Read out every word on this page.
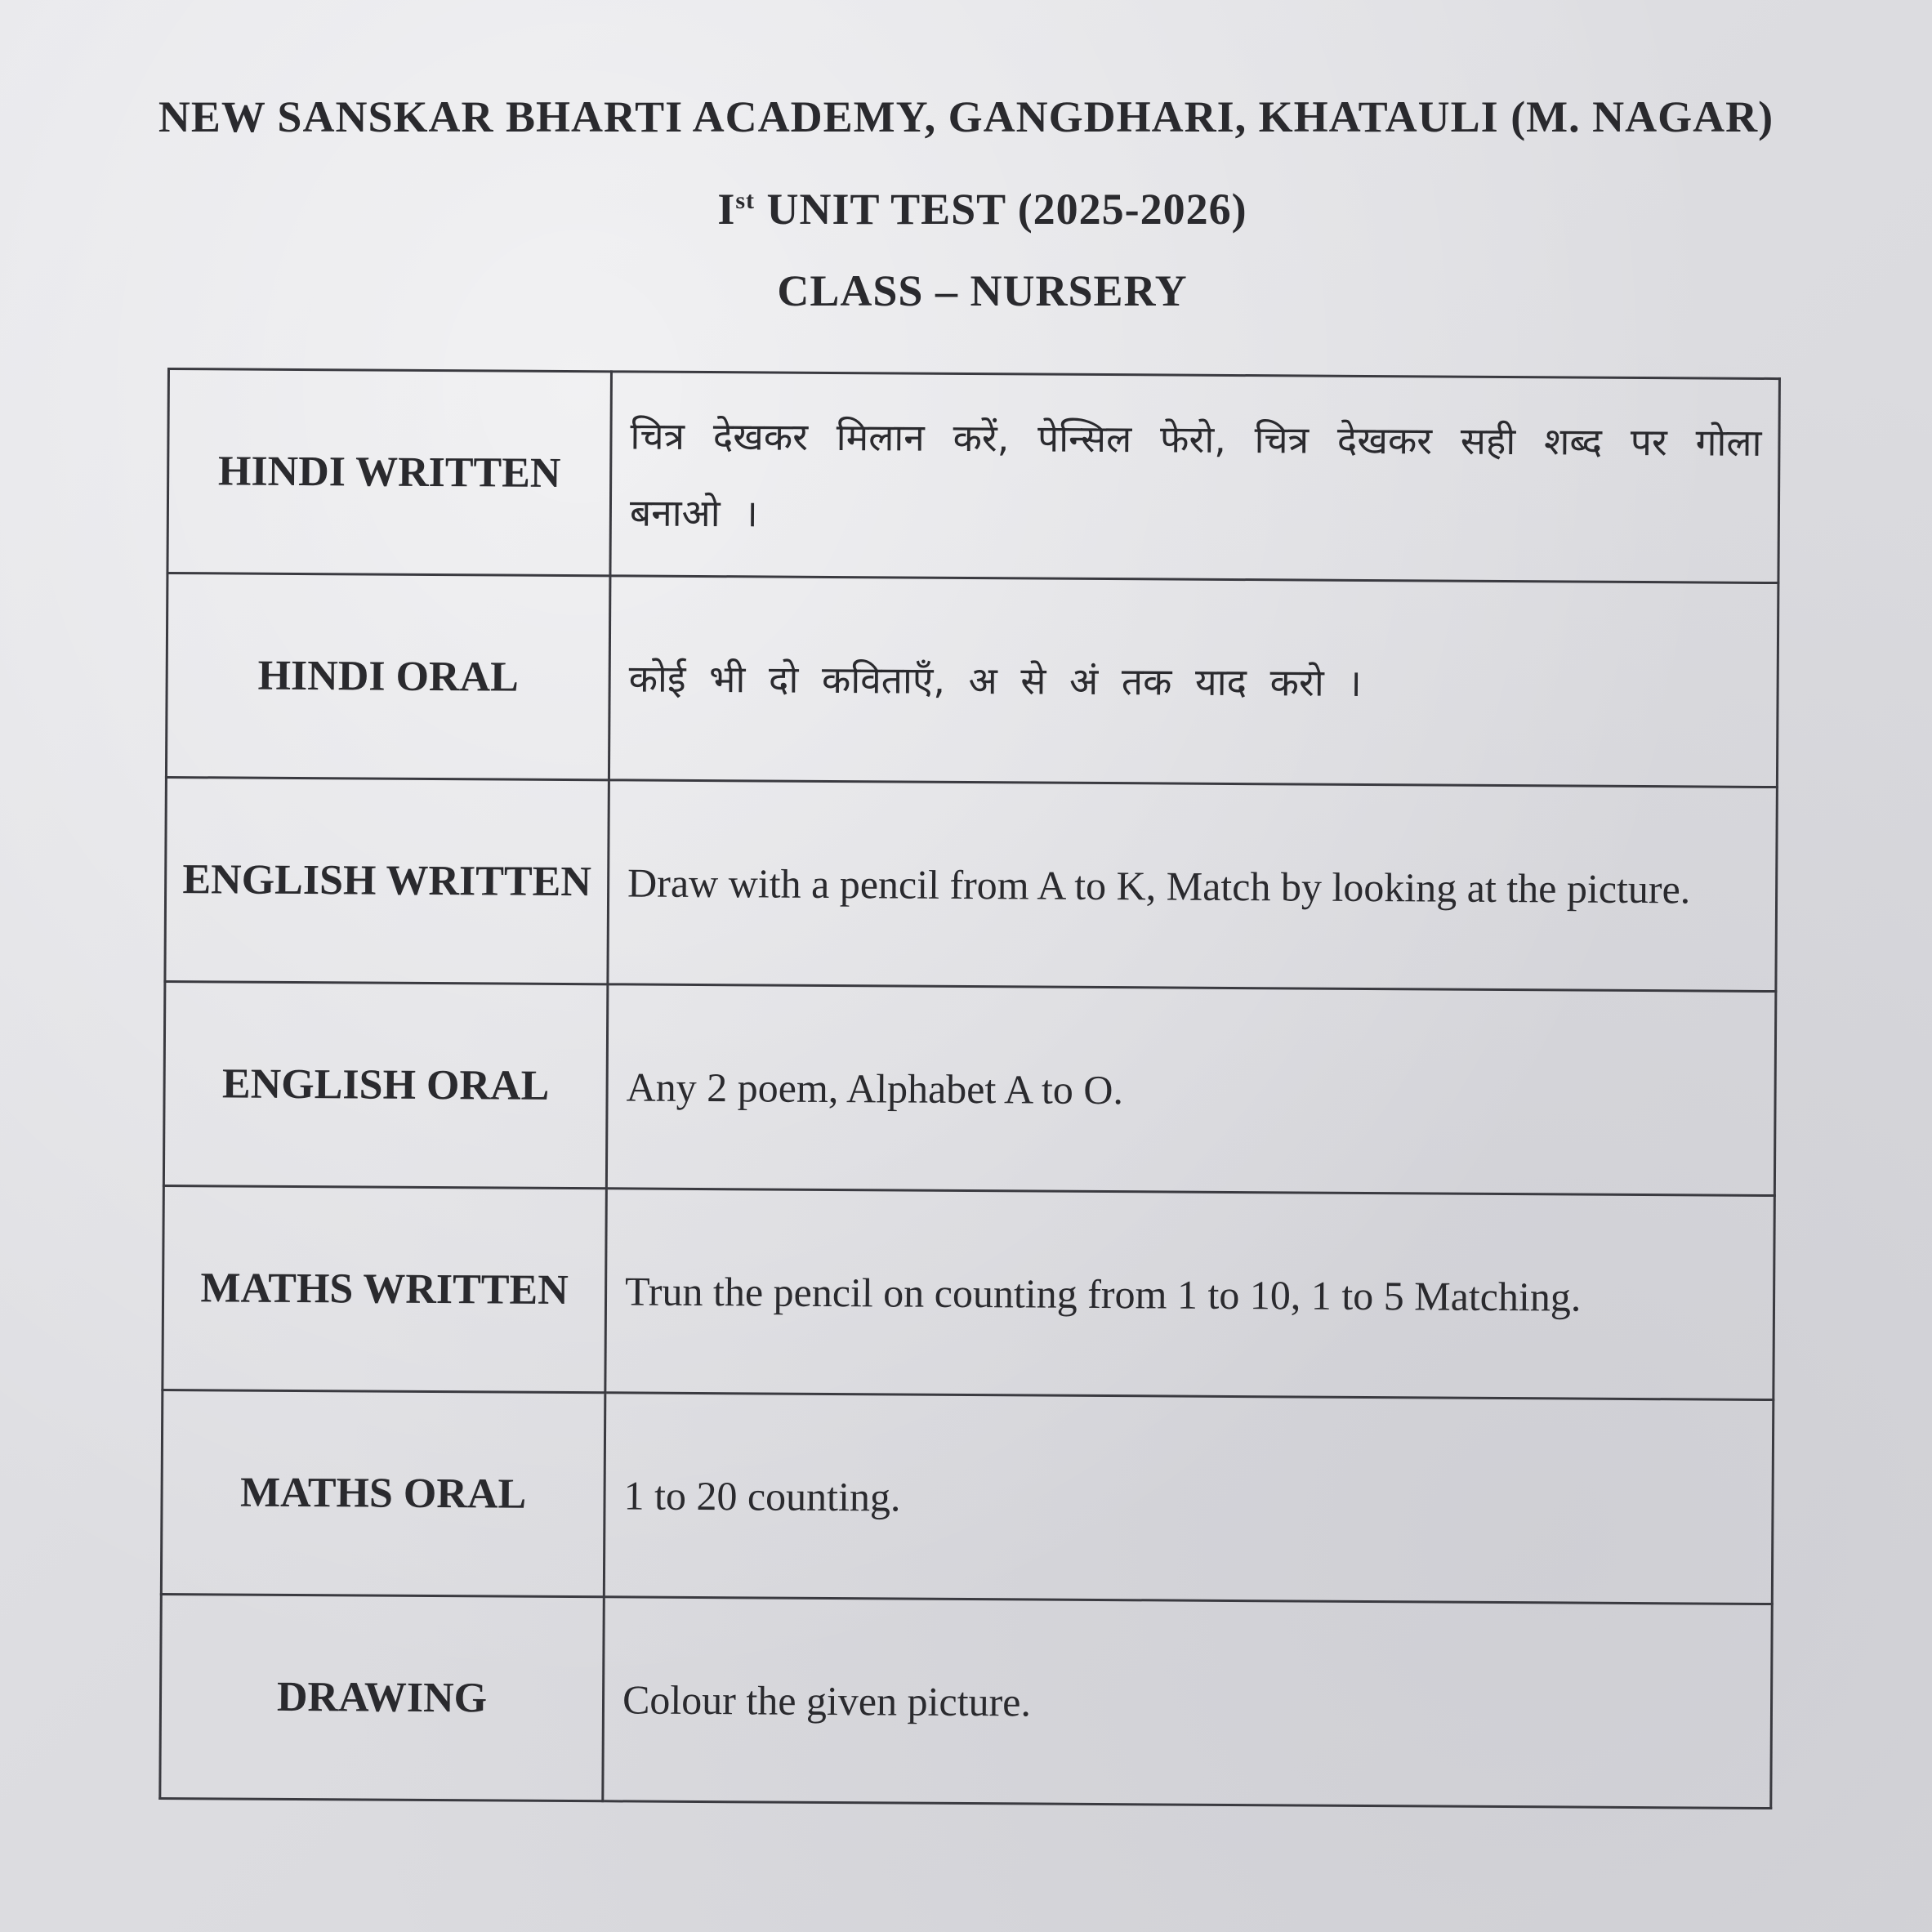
NEW SANSKAR BHARTI ACADEMY, GANGDHARI, KHATAULI (M. NAGAR)
Ist UNIT TEST (2025-2026)
CLASS – NURSERY
HINDI WRITTEN	चित्र देखकर मिलान करें, पेन्सिल फेरो, चित्र देखकर सही शब्द पर गोला बनाओ ।
HINDI ORAL	कोई भी दो कविताएँ, अ से अं तक याद करो ।
ENGLISH WRITTEN	Draw with a pencil from A to K, Match by looking at the picture.
ENGLISH ORAL	Any 2 poem, Alphabet A to O.
MATHS WRITTEN	Trun the pencil on counting from 1 to 10, 1 to 5 Matching.
MATHS ORAL	1 to 20 counting.
DRAWING	Colour the given picture.
